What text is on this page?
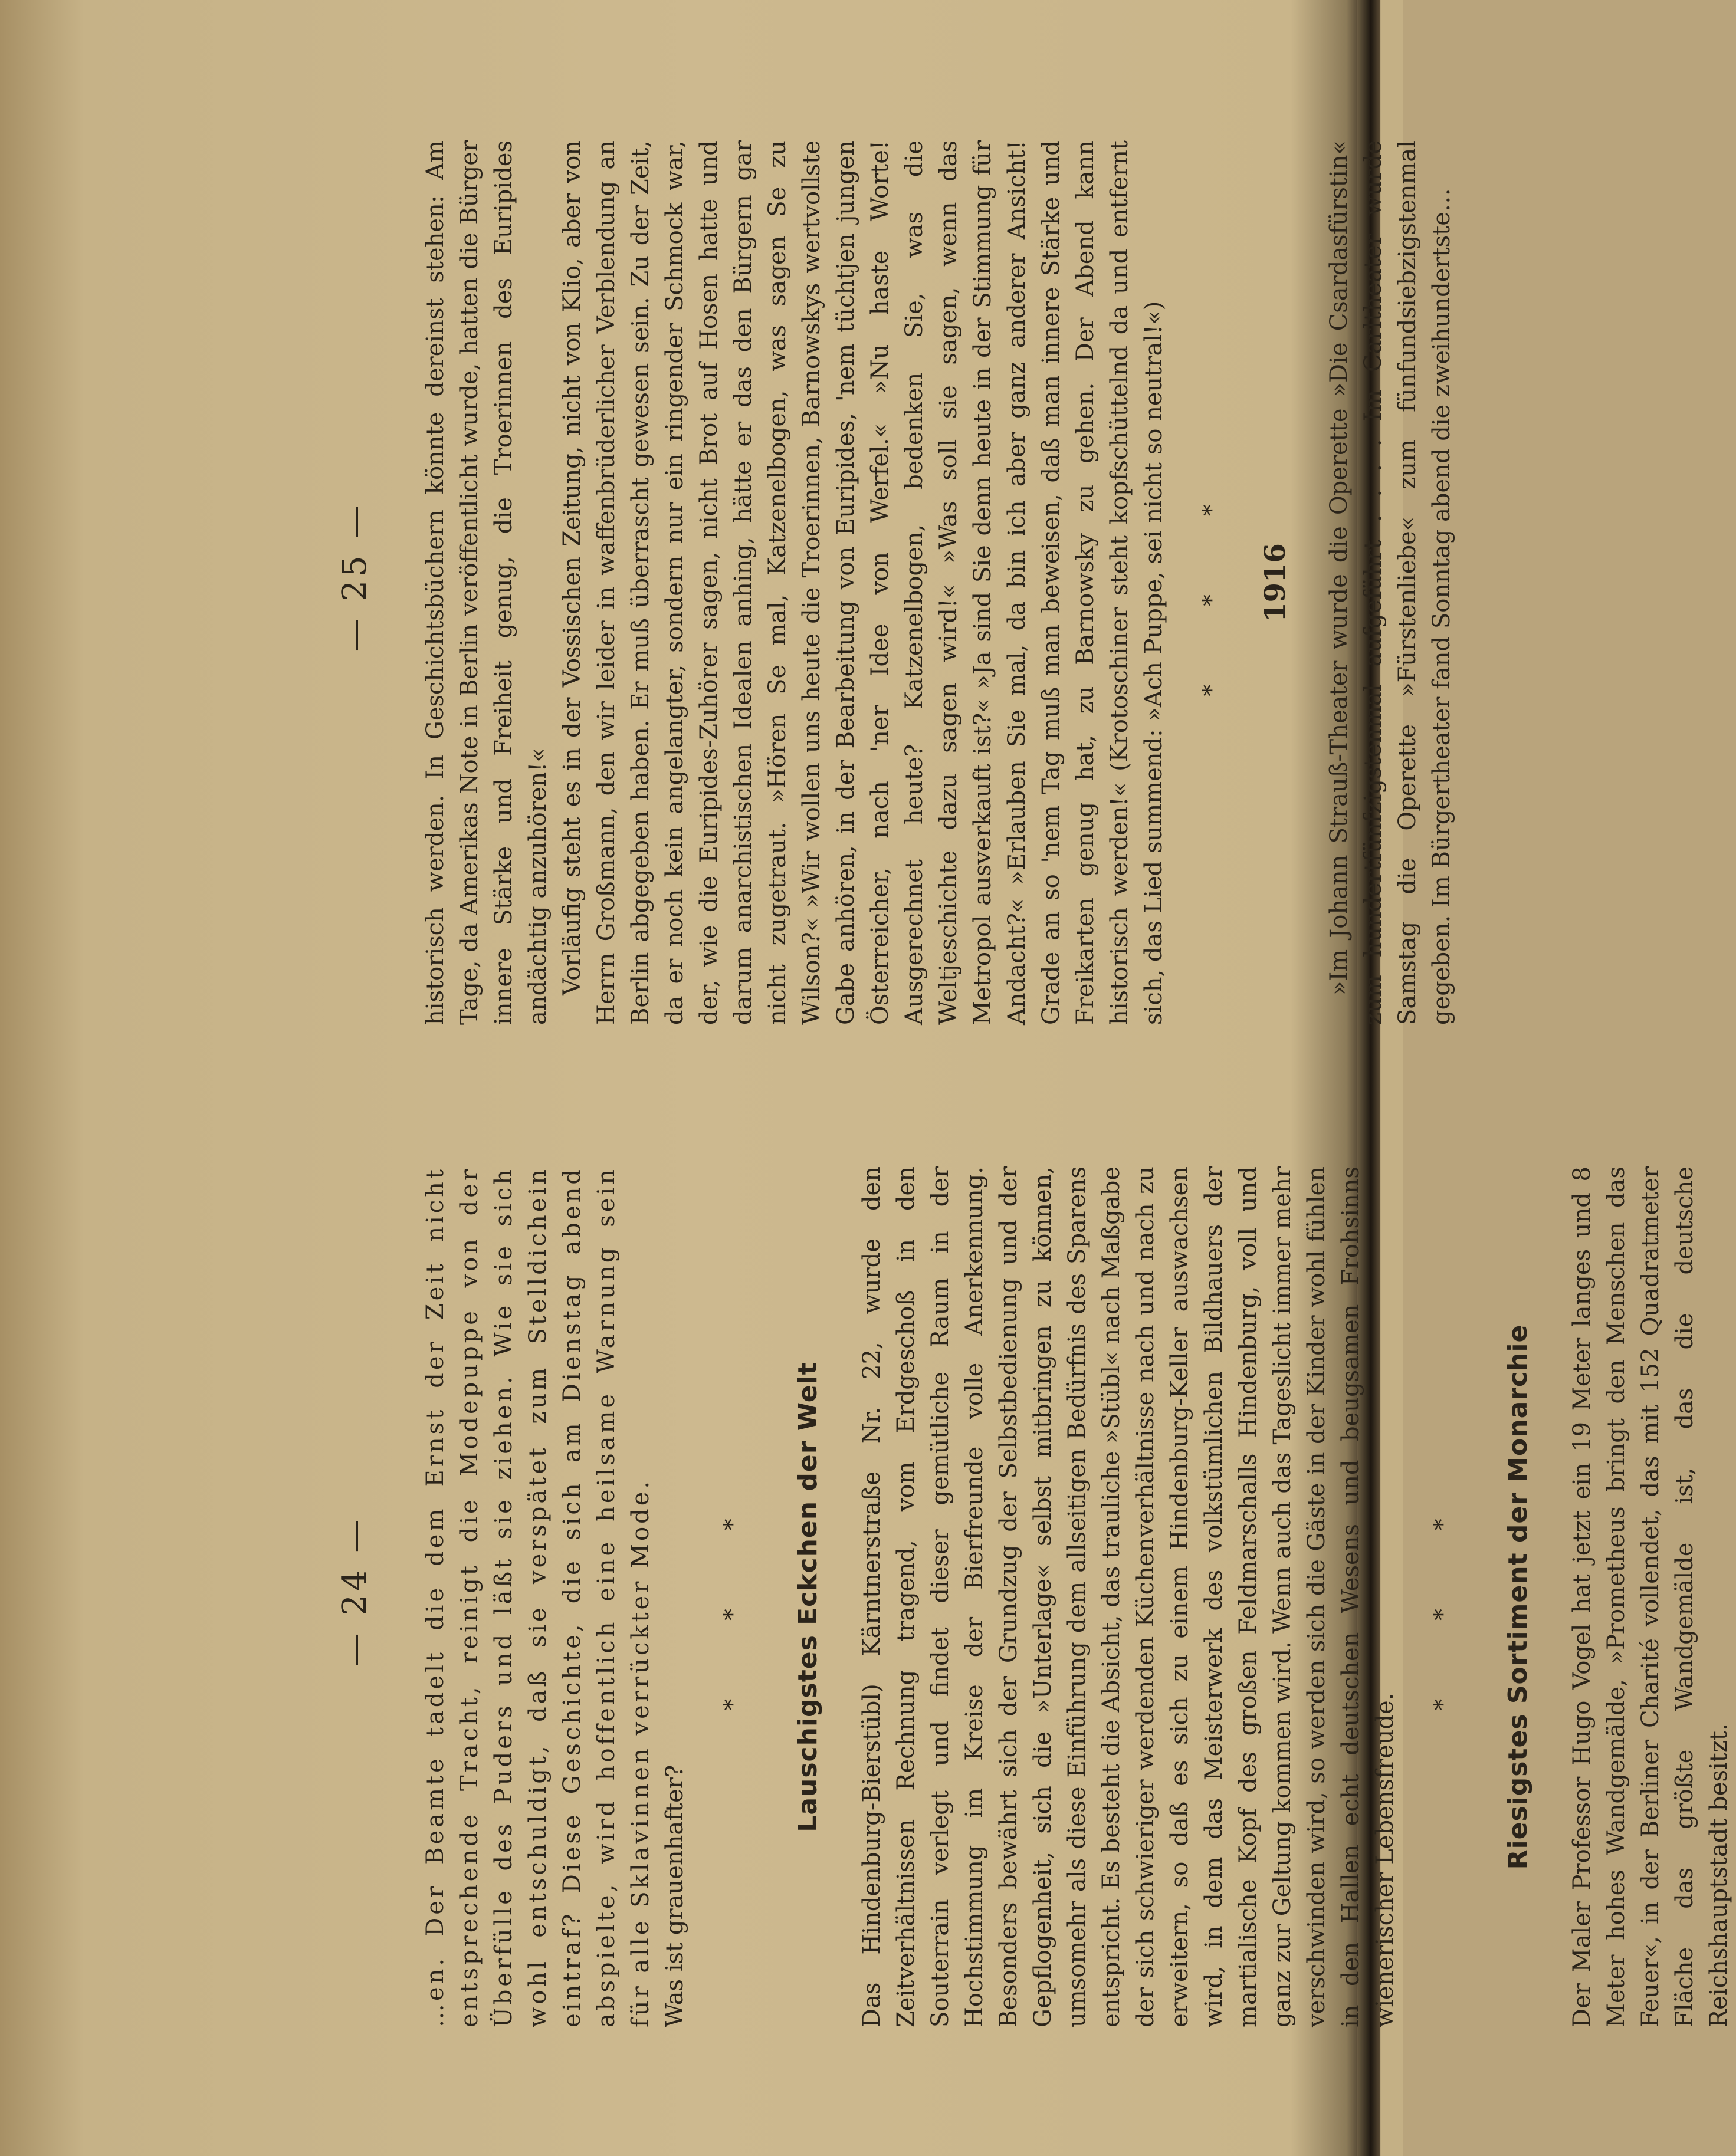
— 24 — …en. Der Beamte tadelt die dem Ernst der Zeit nicht entsprechende Tracht, reinigt die Modepuppe von der Überfülle des Puders und läßt sie ziehen. Wie sie sich wohl entschuldigt, daß sie verspätet zum Stelldichein eintraf? Diese Geschichte, die sich am Dienstag abend abspielte, wird hoffentlich eine heilsame Warnung sein für alle Sklavinnen verrückter Mode. Was ist grauenhafter?

* * * Lauschigstes Eckchen der Welt Das Hindenburg-Bierstübl) Kärntnerstraße Nr. 22, wurde den Zeitverhältnissen Rechnung tragend, vom Erdgeschoß in den Souterrain verlegt und findet dieser gemütliche Raum in der Hochstimmung im Kreise der Bierfreunde volle Anerkennung. Besonders bewährt sich der Grundzug der Selbstbedienung und der Gepflogenheit, sich die »Unterlage« selbst mitbringen zu können, umsomehr als diese Einführung dem allseitigen Bedürfnis des Sparens entspricht. Es besteht die Absicht, das trauliche »Stübl« nach Maßgabe der sich schwieriger werdenden Küchenverhältnisse nach und nach zu erweitern, so daß es sich zu einem Hindenburg-Keller auswachsen wird, in dem das Meisterwerk des volkstümlichen Bildhauers der martialische Kopf des großen Feldmarschalls Hindenburg, voll und ganz zur Geltung kommen wird. Wenn auch das Tageslicht immer mehr verschwinden wird, so werden sich die Gäste in der Kinder wohl fühlen in den Hallen echt deutschen Wesens und beugsamen Frohsinns wienerischer Lebensfreude.

* * * Riesigstes Sortiment der Monarchie Der Maler Professor Hugo Vogel hat jetzt ein 19 Meter langes und 8 Meter hohes Wandgemälde, »Prometheus bringt den Menschen das Feuer«, in der Berliner Charité vollendet, das mit 152 Quadratmeter Fläche das größte Wandgemälde ist, das die deutsche Reichshauptstadt besitzt.

— 25 — historisch werden. In Geschichtsbüchern könnte dereinst stehen: Am Tage, da Amerikas Note in Berlin veröffentlicht wurde, hatten die Bürger innere Stärke und Freiheit genug, die Troerinnen des Euripides andächtig anzuhören!« Vorläufig steht es in der Vossischen Zeitung, nicht von Klio, aber von Herrn Großmann, den wir leider in waffenbrüderlicher Verblendung an Berlin abgegeben haben. Er muß überrascht gewesen sein. Zu der Zeit, da er noch kein angelangter, sondern nur ein ringender Schmock war, der, wie die Euripides-Zuhörer sagen, nicht Brot auf Hosen hatte und darum anarchistischen Idealen anhing, hätte er das den Bürgern gar nicht zugetraut. »Hören Se mal, Katzenelbogen, was sagen Se zu Wilson?« »Wir wollen uns heute die Troerinnen, Barnowskys wertvollste Gabe anhören, in der Bearbeitung von Euripides, 'nem tüchtjen jungen Österreicher, nach 'ner Idee von Werfel.« »Nu haste Worte! Ausgerechnet heute? Katzenelbogen, bedenken Sie, was die Weltjeschichte dazu sagen wird!« »Was soll sie sagen, wenn das Metropol ausverkauft ist?« »Ja sind Sie denn heute in der Stimmung für Andacht?« »Erlauben Sie mal, da bin ich aber ganz anderer Ansicht! Grade an so 'nem Tag muß man beweisen, daß man innere Stärke und Freikarten genug hat, zu Barnowsky zu gehen. Der Abend kann historisch werden!« (Krotoschiner steht kopfschüttelnd da und entfernt sich, das Lied summend: »Ach Puppe, sei nicht so neutral!«) * * * 1916 »Im Johann Strauß-Theater wurde die Operette »Die Csardasfürstin« zum hundertfünfzigstenmal aufgeführt . . . . Im Carltheater wurde Samstag die Operette »Fürstenliebe« zum fünfundsiebzigstenmal gegeben. Im Bürgertheater fand Sonntag abend die zweihundertste…
